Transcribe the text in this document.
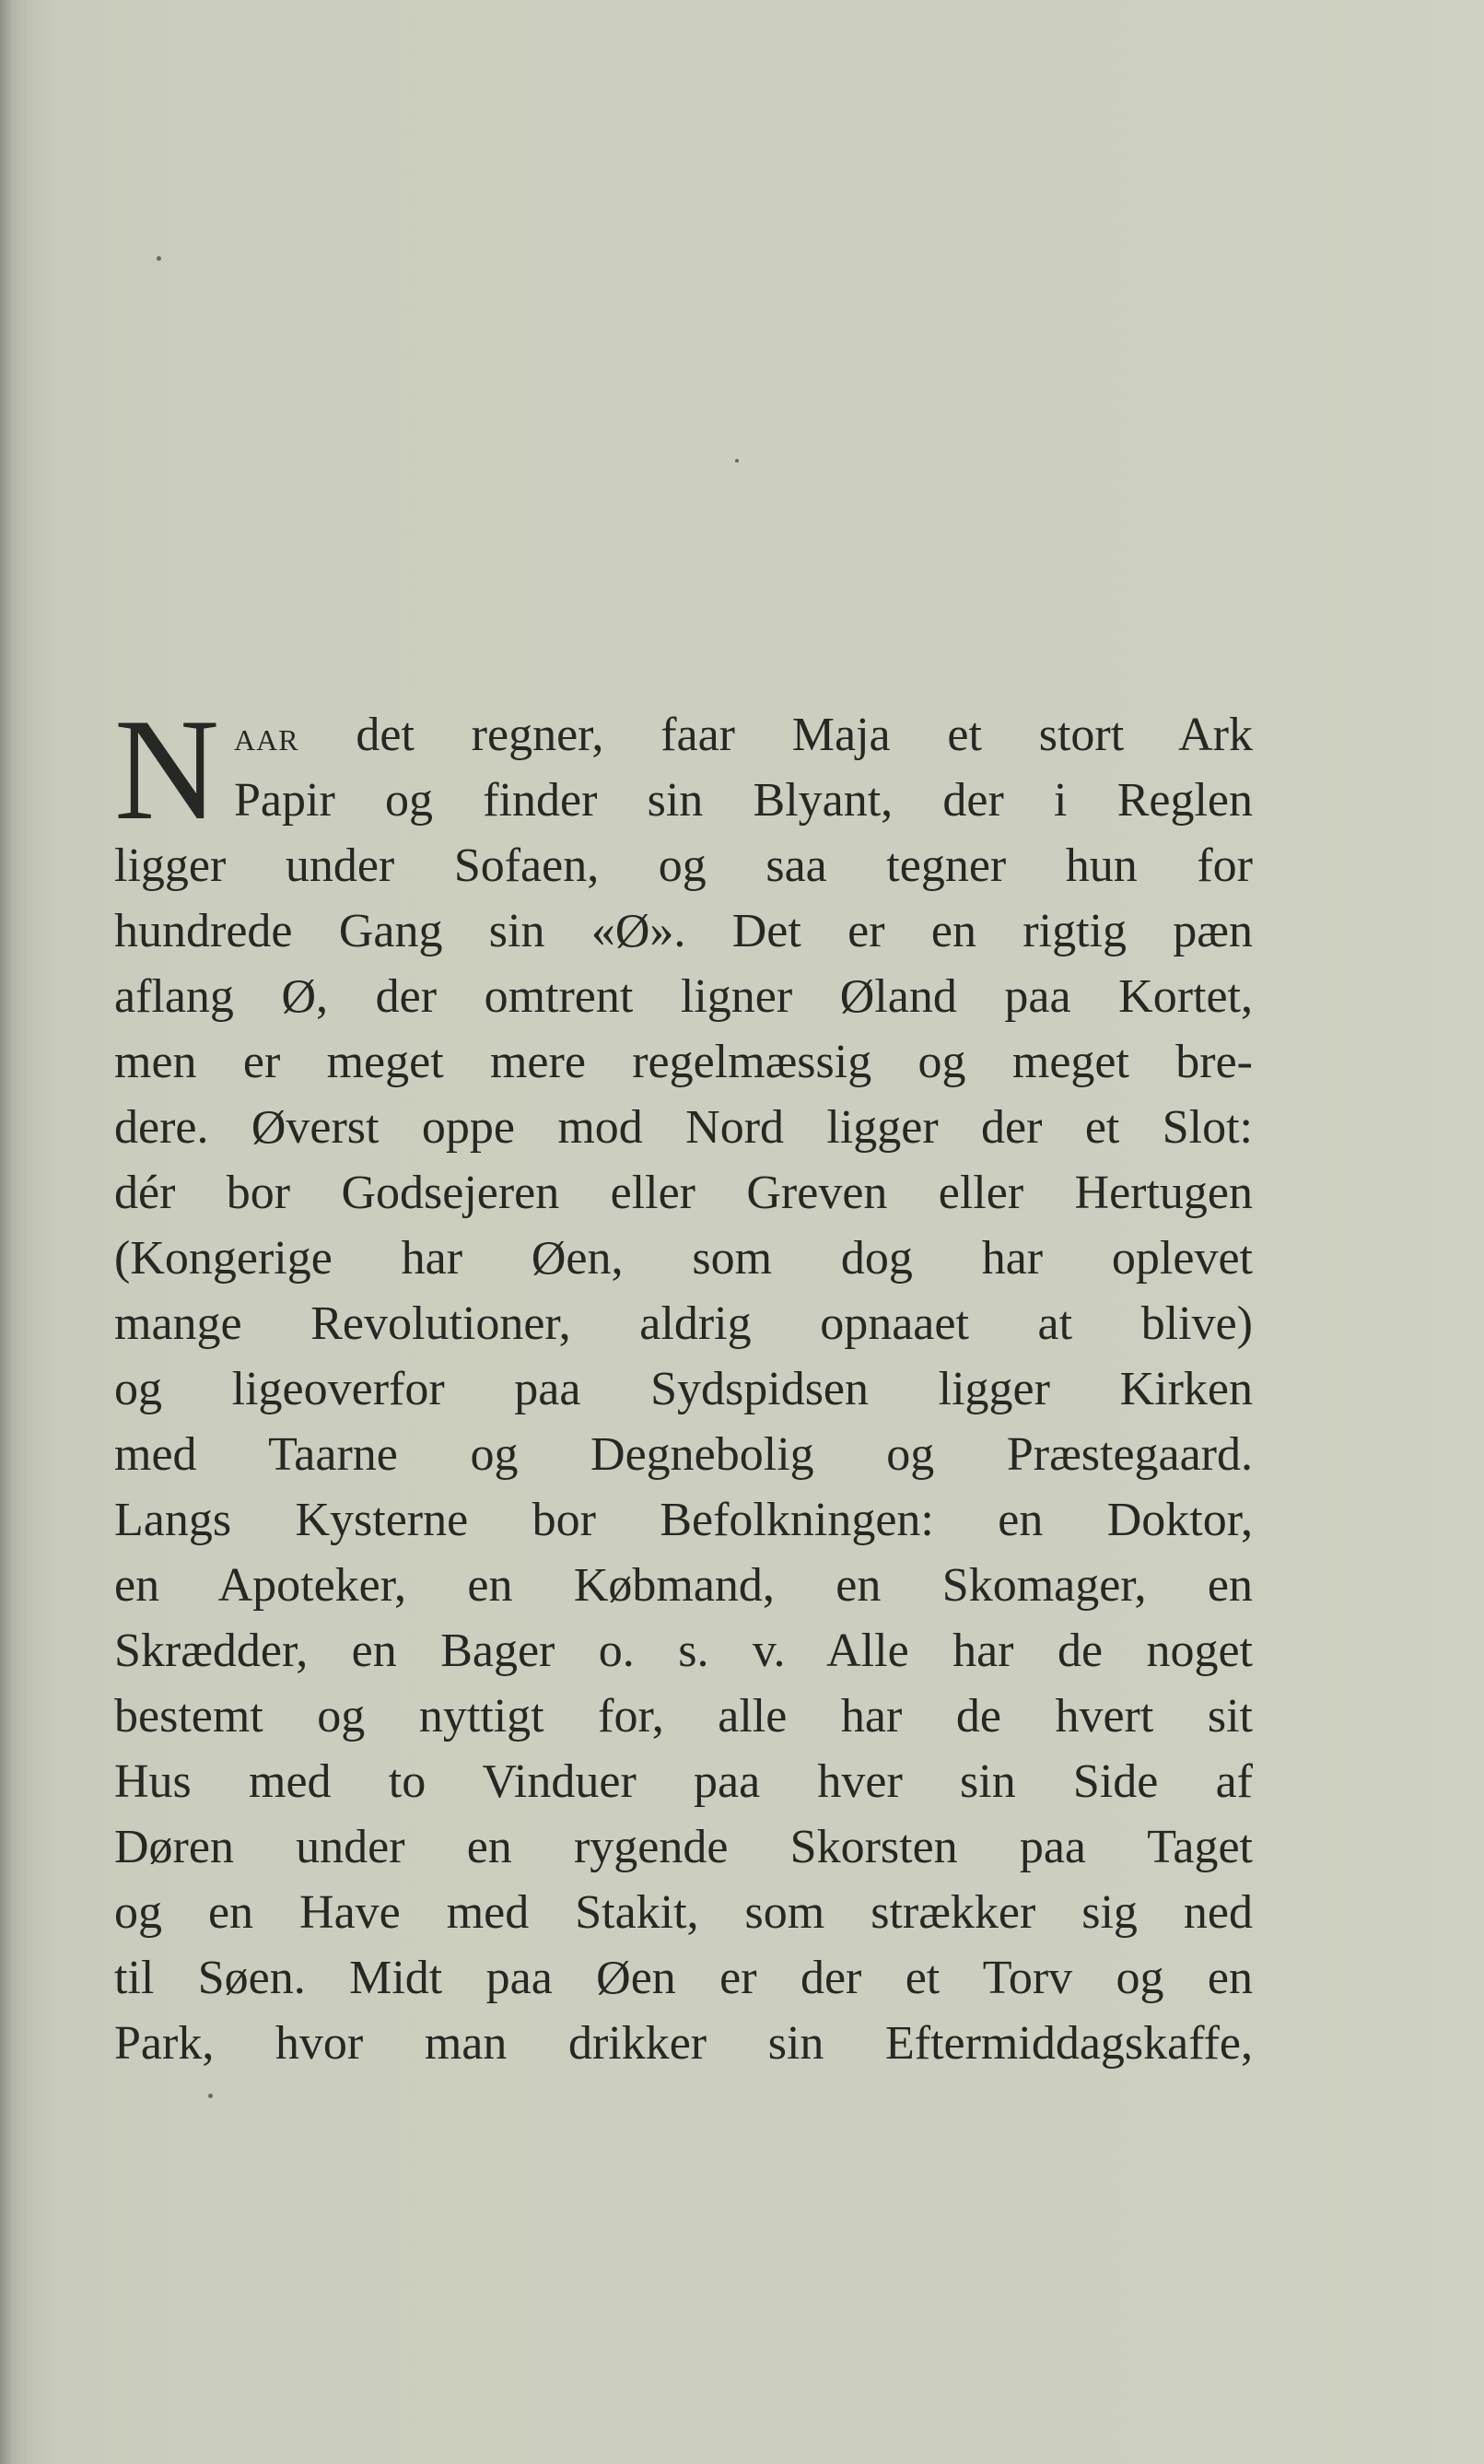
N aar det regner, faar Maja et stort Ark
Papir og finder sin Blyant, der i Reglen
ligger under Sofaen, og saa tegner hun for
hundrede Gang sin «Ø». Det er en rigtig pæn
aflang Ø, der omtrent ligner Øland paa Kortet,
men er meget mere regelmæssig og meget bre-
dere. Øverst oppe mod Nord ligger der et Slot:
dér bor Godsejeren eller Greven eller Hertugen
(Kongerige har Øen, som dog har oplevet
mange Revolutioner, aldrig opnaaet at blive)
og ligeoverfor paa Sydspidsen ligger Kirken
med Taarne og Degnebolig og Præstegaard.
Langs Kysterne bor Befolkningen: en Doktor,
en Apoteker, en Købmand, en Skomager, en
Skrædder, en Bager o. s. v. Alle har de noget
bestemt og nyttigt for, alle har de hvert sit
Hus med to Vinduer paa hver sin Side af
Døren under en rygende Skorsten paa Taget
og en Have med Stakit, som strækker sig ned
til Søen. Midt paa Øen er der et Torv og en
Park, hvor man drikker sin Eftermiddagskaffe,
